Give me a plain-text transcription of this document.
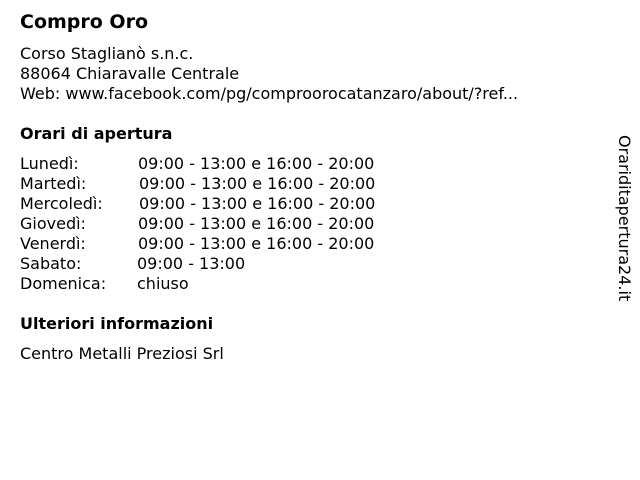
Compro Oro
Corso Staglianò s.n.c.
88064 Chiaravalle Centrale
Web: www.facebook.com/pg/comproorocatanzaro/about/?ref...
Orari di apertura
Lunedì:	09:00 - 13:00 e 16:00 - 20:00
Martedì:	09:00 - 13:00 e 16:00 - 20:00
Mercoledì: 09:00 - 13:00 e 16:00 - 20:00
Giovedì:	09:00 - 13:00 e 16:00 - 20:00
Venerdì:	09:00 - 13:00 e 16:00 - 20:00
Sabato:	09:00 - 13:00
Domenica: chiuso
Ulteriori informazioni
Centro Metalli Preziosi Srl
Orariditapertura24.it
